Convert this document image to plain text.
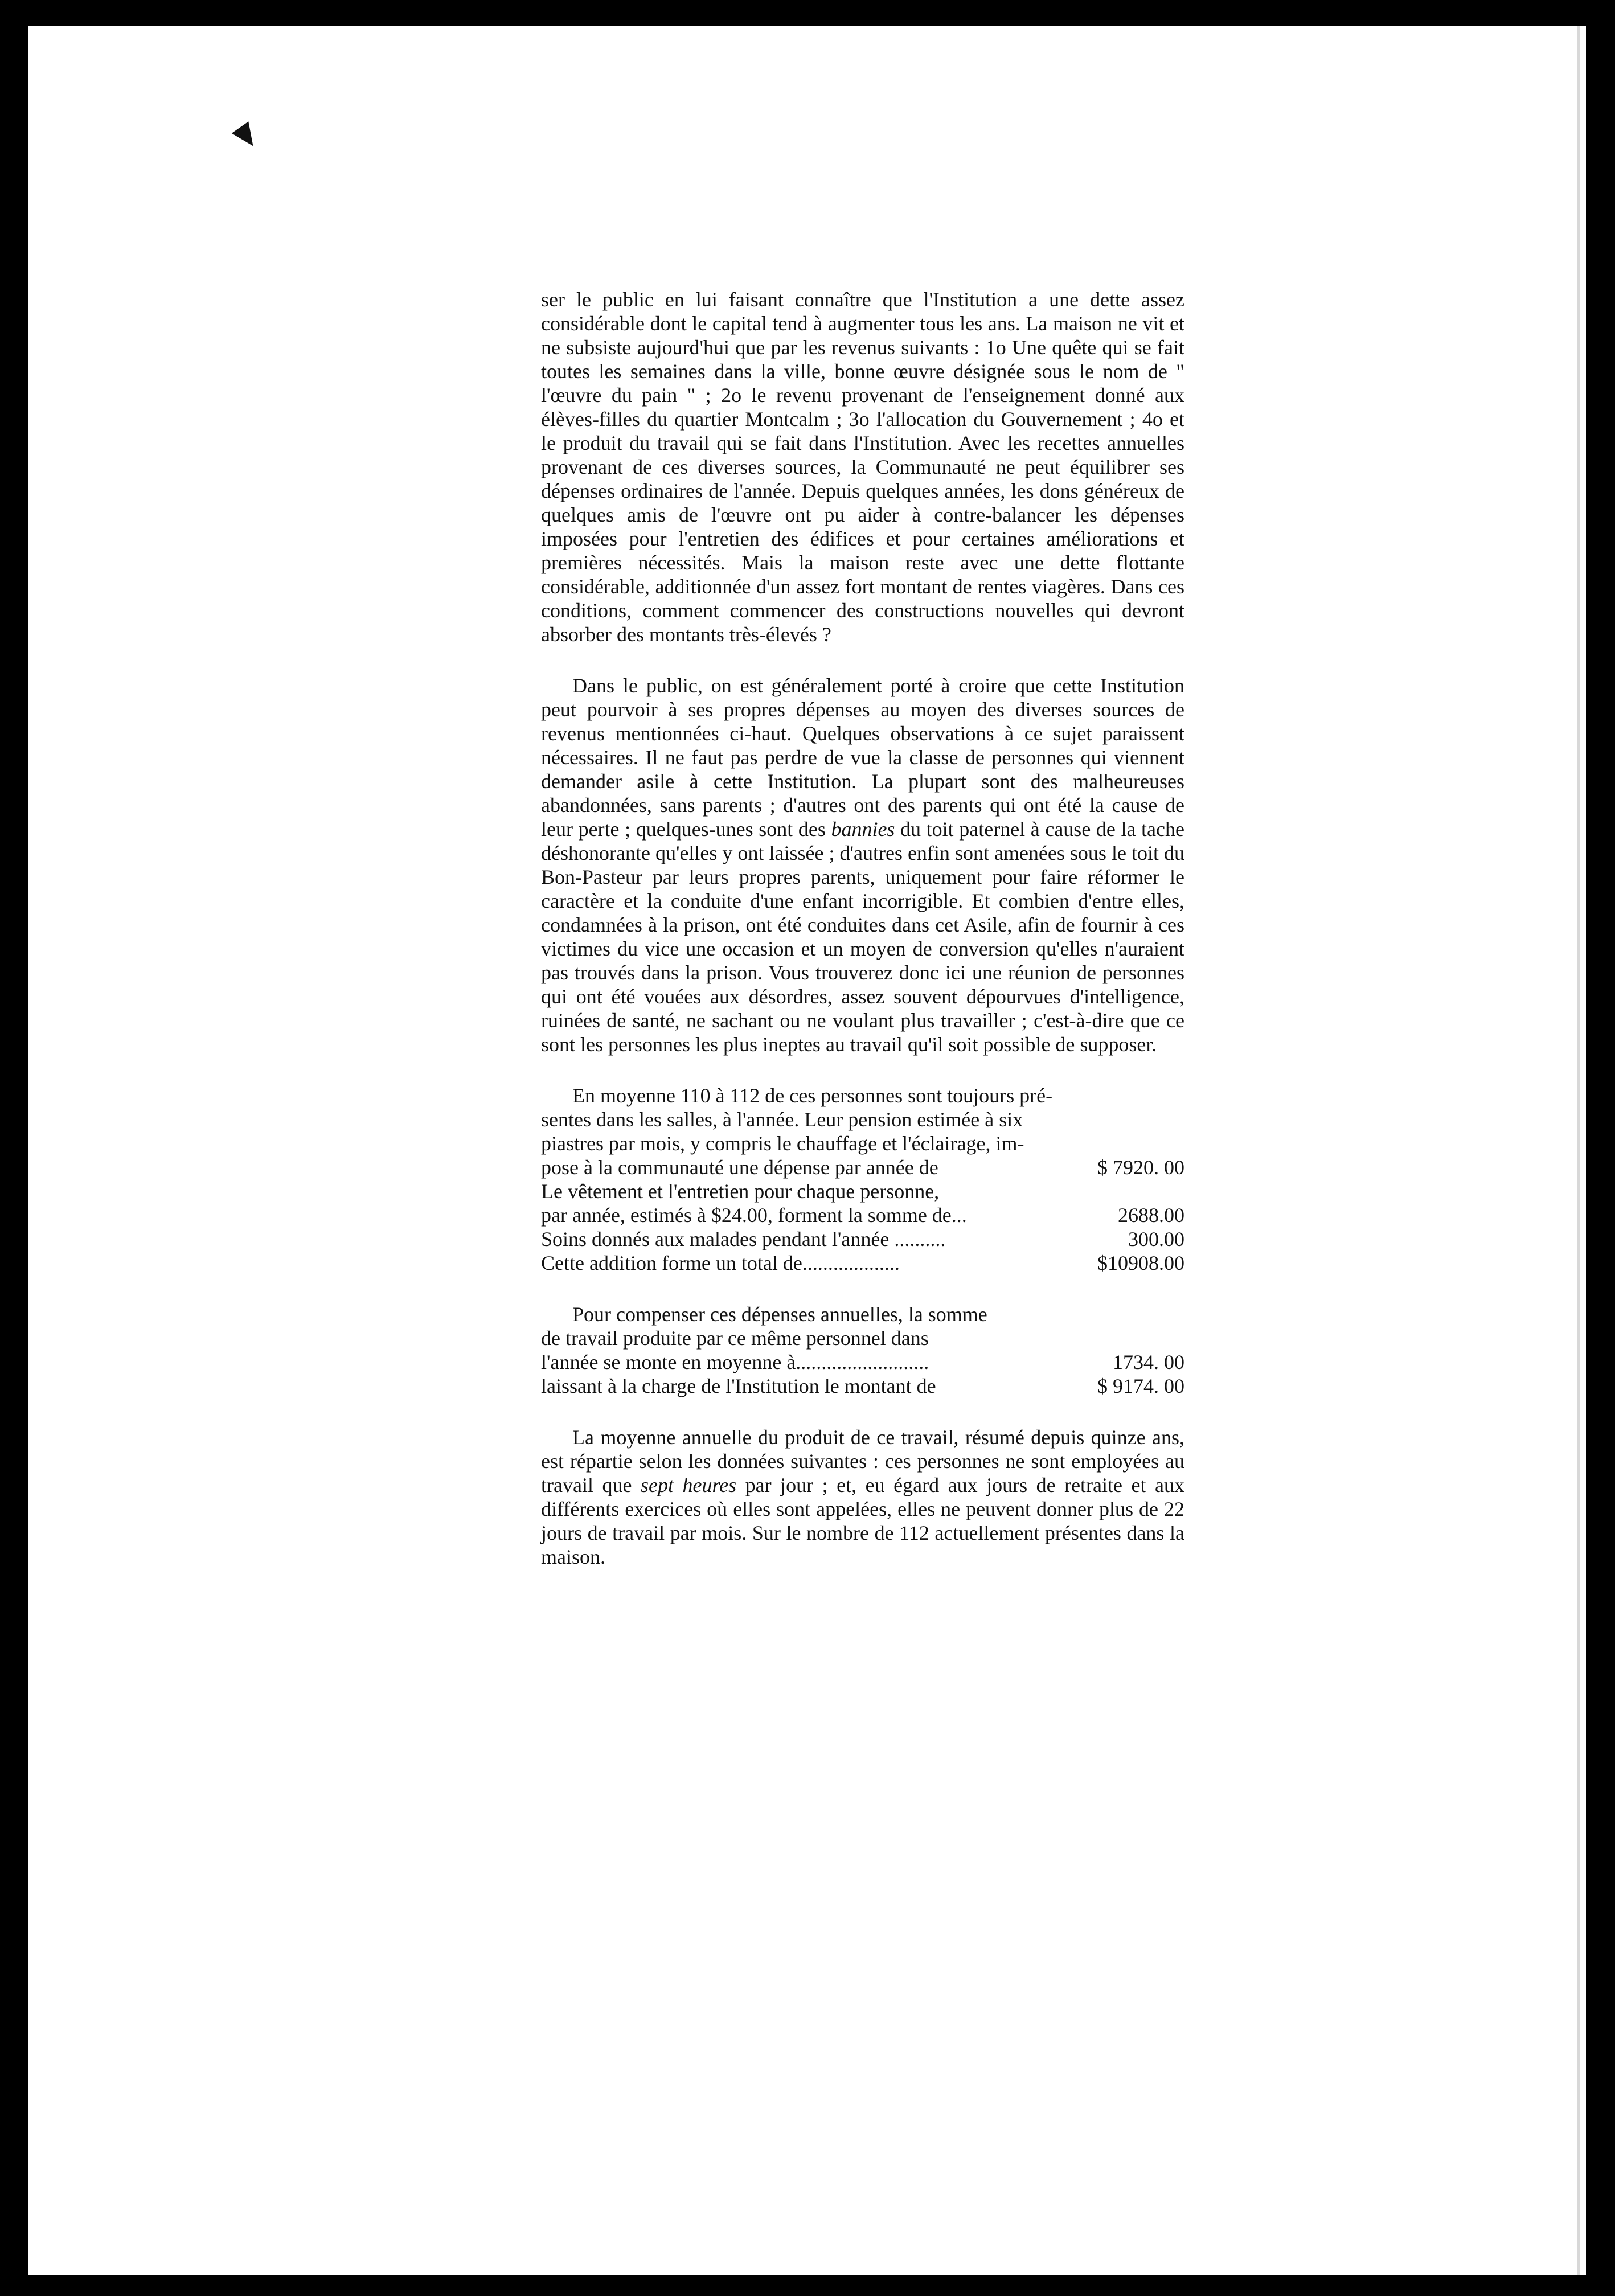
ser le public en lui faisant connaître que l'Institution a une dette assez considérable dont le capital tend à augmenter tous les ans. La maison ne vit et ne subsiste aujourd'hui que par les revenus suivants : 1o Une quête qui se fait toutes les semaines dans la ville, bonne œuvre désignée sous le nom de " l'œuvre du pain " ; 2o le revenu provenant de l'enseignement donné aux élèves-filles du quartier Montcalm ; 3o l'allocation du Gouvernement ; 4o et le produit du travail qui se fait dans l'Institution. Avec les recettes annuelles provenant de ces diverses sources, la Communauté ne peut équilibrer ses dépenses ordinaires de l'année. Depuis quelques années, les dons généreux de quelques amis de l'œuvre ont pu aider à contre-balancer les dépenses imposées pour l'entretien des édifices et pour certaines améliorations et premières nécessités. Mais la maison reste avec une dette flottante considérable, additionnée d'un assez fort montant de rentes viagères. Dans ces conditions, comment commencer des constructions nouvelles qui devront absorber des montants très-élevés ?

Dans le public, on est généralement porté à croire que cette Institution peut pourvoir à ses propres dépenses au moyen des diverses sources de revenus mentionnées ci-haut. Quelques observations à ce sujet paraissent nécessaires. Il ne faut pas perdre de vue la classe de personnes qui viennent demander asile à cette Institution. La plupart sont des malheureuses abandonnées, sans parents ; d'autres ont des parents qui ont été la cause de leur perte ; quelques-unes sont des bannies du toit paternel à cause de la tache déshonorante qu'elles y ont laissée ; d'autres enfin sont amenées sous le toit du Bon-Pasteur par leurs propres parents, uniquement pour faire réformer le caractère et la conduite d'une enfant incorrigible. Et combien d'entre elles, condamnées à la prison, ont été conduites dans cet Asile, afin de fournir à ces victimes du vice une occasion et un moyen de conversion qu'elles n'auraient pas trouvés dans la prison. Vous trouverez donc ici une réunion de personnes qui ont été vouées aux désordres, assez souvent dépourvues d'intelligence, ruinées de santé, ne sachant ou ne voulant plus travailler ; c'est-à-dire que ce sont les personnes les plus ineptes au travail qu'il soit possible de supposer.

En moyenne 110 à 112 de ces personnes sont toujours pré-
sentes dans les salles, à l'année. Leur pension estimée à six
piastres par mois, y compris le chauffage et l'éclairage, im-
pose à la communauté une dépense par année de	$ 7920. 00
Le vêtement et l'entretien pour chaque personne,
par année, estimés à $24.00, forment la somme de...	2688.00
Soins donnés aux malades pendant l'année ..........	300.00
Cette addition forme un total de...................	$10908.00
Pour compenser ces dépenses annuelles, la somme
de travail produite par ce même personnel dans
l'année se monte en moyenne à..........................	1734. 00
laissant à la charge de l'Institution le montant de	$ 9174. 00

La moyenne annuelle du produit de ce travail, résumé depuis quinze ans, est répartie selon les données suivantes : ces personnes ne sont employées au travail que sept heures par jour ; et, eu égard aux jours de retraite et aux différents exercices où elles sont appelées, elles ne peuvent donner plus de 22 jours de travail par mois. Sur le nombre de 112 actuellement présentes dans la maison.
